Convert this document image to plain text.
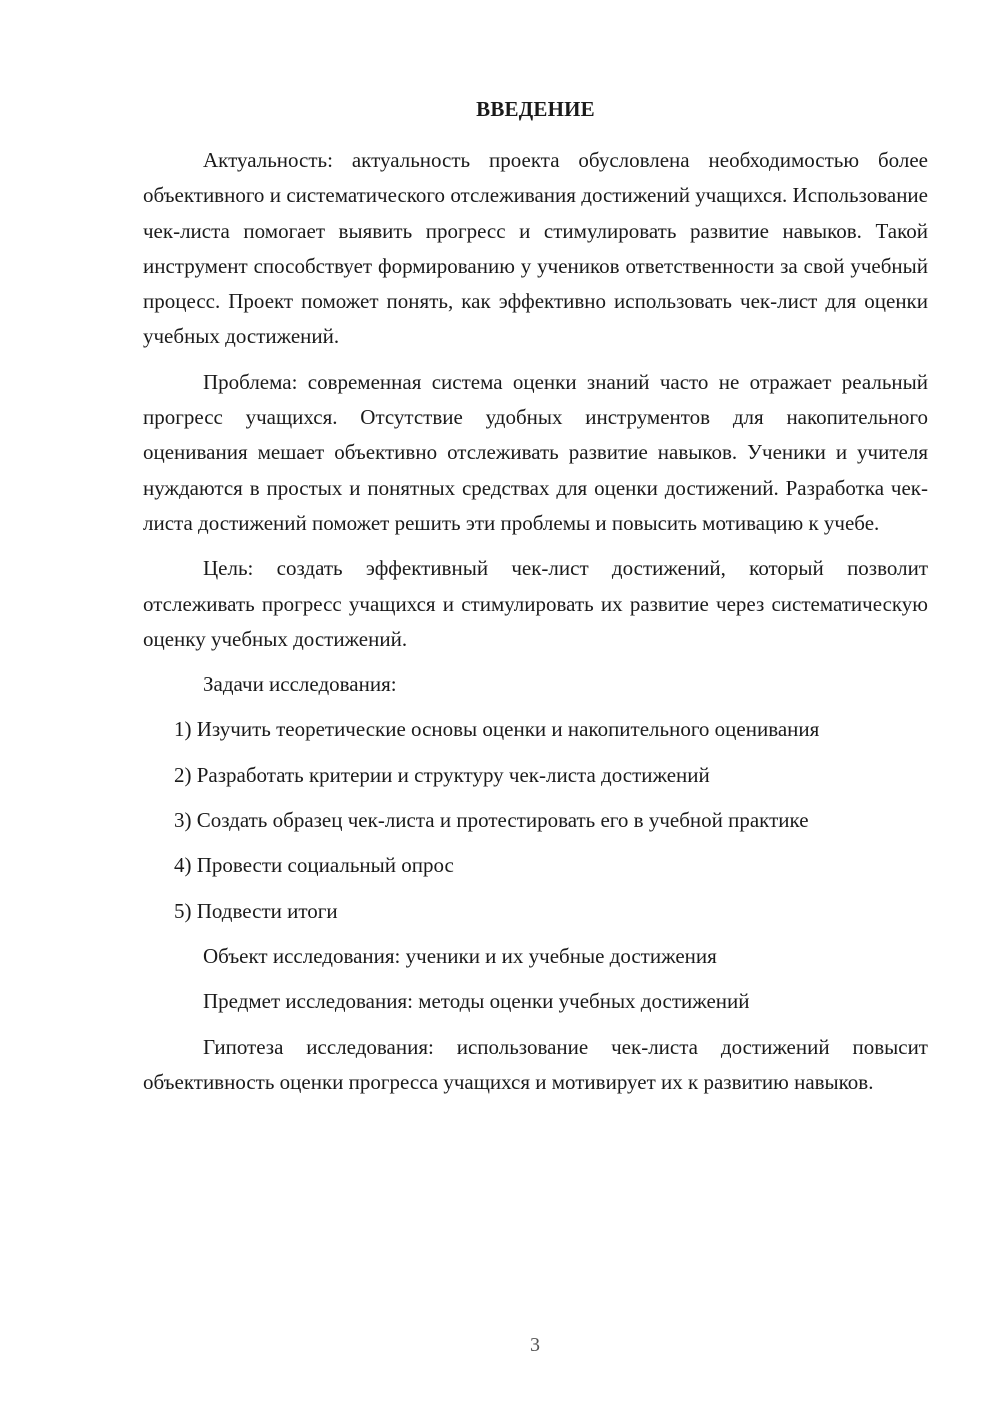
ВВЕДЕНИЕ

Актуальность: актуальность проекта обусловлена необходимостью более объективного и систематического отслеживания достижений учащихся. Использование чек-листа помогает выявить прогресс и стимулировать развитие навыков. Такой инструмент способствует формированию у учеников ответственности за свой учебный процесс. Проект поможет понять, как эффективно использовать чек-лист для оценки учебных достижений.

Проблема: современная система оценки знаний часто не отражает реальный прогресс учащихся. Отсутствие удобных инструментов для накопительного оценивания мешает объективно отслеживать развитие навыков. Ученики и учителя нуждаются в простых и понятных средствах для оценки достижений. Разработка чек-листа достижений поможет решить эти проблемы и повысить мотивацию к учебе.

Цель: создать эффективный чек-лист достижений, который позволит отслеживать прогресс учащихся и стимулировать их развитие через систематическую оценку учебных достижений.

Задачи исследования:

1) Изучить теоретические основы оценки и накопительного оценивания

2) Разработать критерии и структуру чек-листа достижений

3) Создать образец чек-листа и протестировать его в учебной практике

4) Провести социальный опрос

5) Подвести итоги

Объект исследования: ученики и их учебные достижения

Предмет исследования: методы оценки учебных достижений

Гипотеза исследования: использование чек-листа достижений повысит объективность оценки прогресса учащихся и мотивирует их к развитию навыков.

3
